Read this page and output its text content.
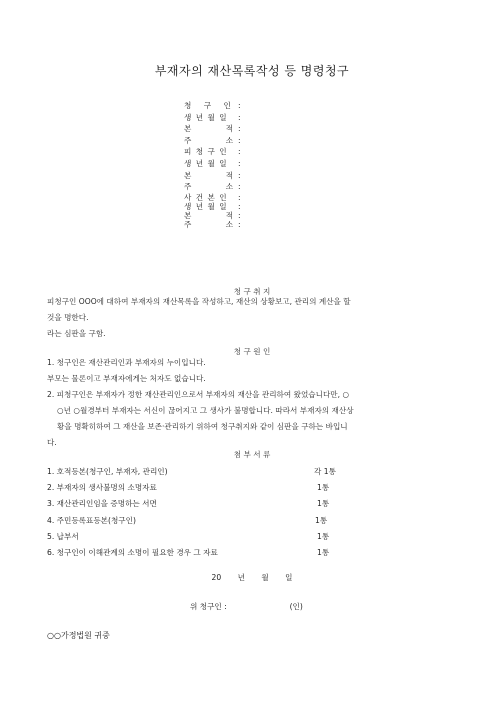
부재자의 재산목록작성 등 명령청구
청 구 인 :
생 년 월 일 :
본 적 :
주 소 :
피 청 구 인 :
생 년 월 일 :
본 적 :
주 소 :
사 건 본 인 :
생 년 월 일 :
본 적 :
주 소 :
청 구 취 지

피청구인 OOO에 대하여 부재자의 재산목록을 작성하고, 재산의 상황보고, 관리의 계산을 할

것을 명한다.

라는 심판을 구함.

청 구 원 인

1. 청구인은 재산관리인과 부재자의 누이입니다.

부모는 물론이고 부재자에게는 처자도 없습니다.

2. 피청구인은 부재자가 정한 재산관리인으로서 부재자의 재산을 관리하여 왔었습니다만, ○

○년 ○월경부터 부재자는 서신이 끊어지고 그 생사가 불명합니다. 따라서 부재자의 재산상

황을 명확히하여 그 재산을 보존·관리하기 위하여 청구취지와 같이 심판을 구하는 바입니

다.

첨 부 서 류
1. 호적등본(청구인, 부재자, 관리인)	각 1통
2. 부재자의 생사불명의 소명자료	1통
3. 재산관리인임을 증명하는 서면	1통
4. 주민등록표등본(청구인)	1통
5. 납부서	1통
6. 청구인이 이해관계의 소명이 필요한 경우 그 자료	1통
20 년 월 일
위 청구인 :	(인)
○○가정법원 귀중
